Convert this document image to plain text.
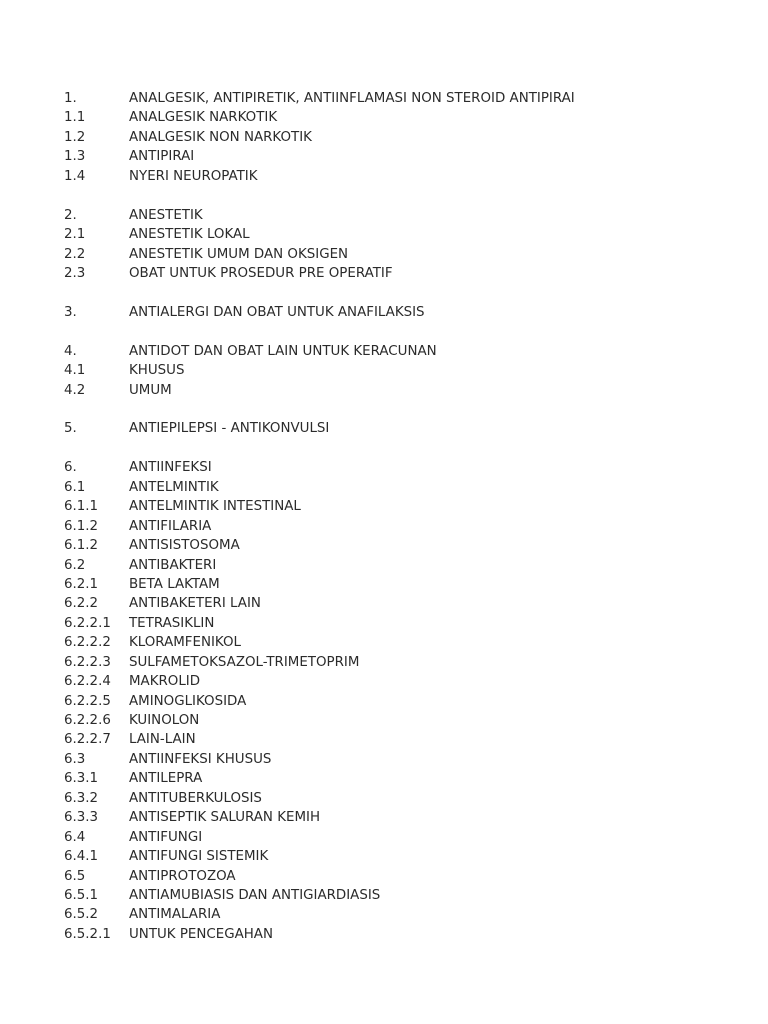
1.	ANALGESIK, ANTIPIRETIK, ANTIINFLAMASI NON STEROID ANTIPIRAI
1.1	ANALGESIK NARKOTIK
1.2	ANALGESIK NON NARKOTIK
1.3	ANTIPIRAI
1.4	NYERI NEUROPATIK
2.	ANESTETIK
2.1	ANESTETIK LOKAL
2.2	ANESTETIK UMUM DAN OKSIGEN
2.3	OBAT UNTUK PROSEDUR PRE OPERATIF
3.	ANTIALERGI DAN OBAT UNTUK ANAFILAKSIS
4.	ANTIDOT DAN OBAT LAIN UNTUK KERACUNAN
4.1	KHUSUS
4.2	UMUM
5.	ANTIEPILEPSI - ANTIKONVULSI
6.	ANTIINFEKSI
6.1	ANTELMINTIK
6.1.1	ANTELMINTIK INTESTINAL
6.1.2	ANTIFILARIA
6.1.2	ANTISISTOSOMA
6.2	ANTIBAKTERI
6.2.1	BETA LAKTAM
6.2.2	ANTIBAKETERI LAIN
6.2.2.1	TETRASIKLIN
6.2.2.2	KLORAMFENIKOL
6.2.2.3	SULFAMETOKSAZOL-TRIMETOPRIM
6.2.2.4	MAKROLID
6.2.2.5	AMINOGLIKOSIDA
6.2.2.6	KUINOLON
6.2.2.7	LAIN-LAIN
6.3	ANTIINFEKSI KHUSUS
6.3.1	ANTILEPRA
6.3.2	ANTITUBERKULOSIS
6.3.3	ANTISEPTIK SALURAN KEMIH
6.4	ANTIFUNGI
6.4.1	ANTIFUNGI SISTEMIK
6.5	ANTIPROTOZOA
6.5.1	ANTIAMUBIASIS DAN ANTIGIARDIASIS
6.5.2	ANTIMALARIA
6.5.2.1	UNTUK PENCEGAHAN
